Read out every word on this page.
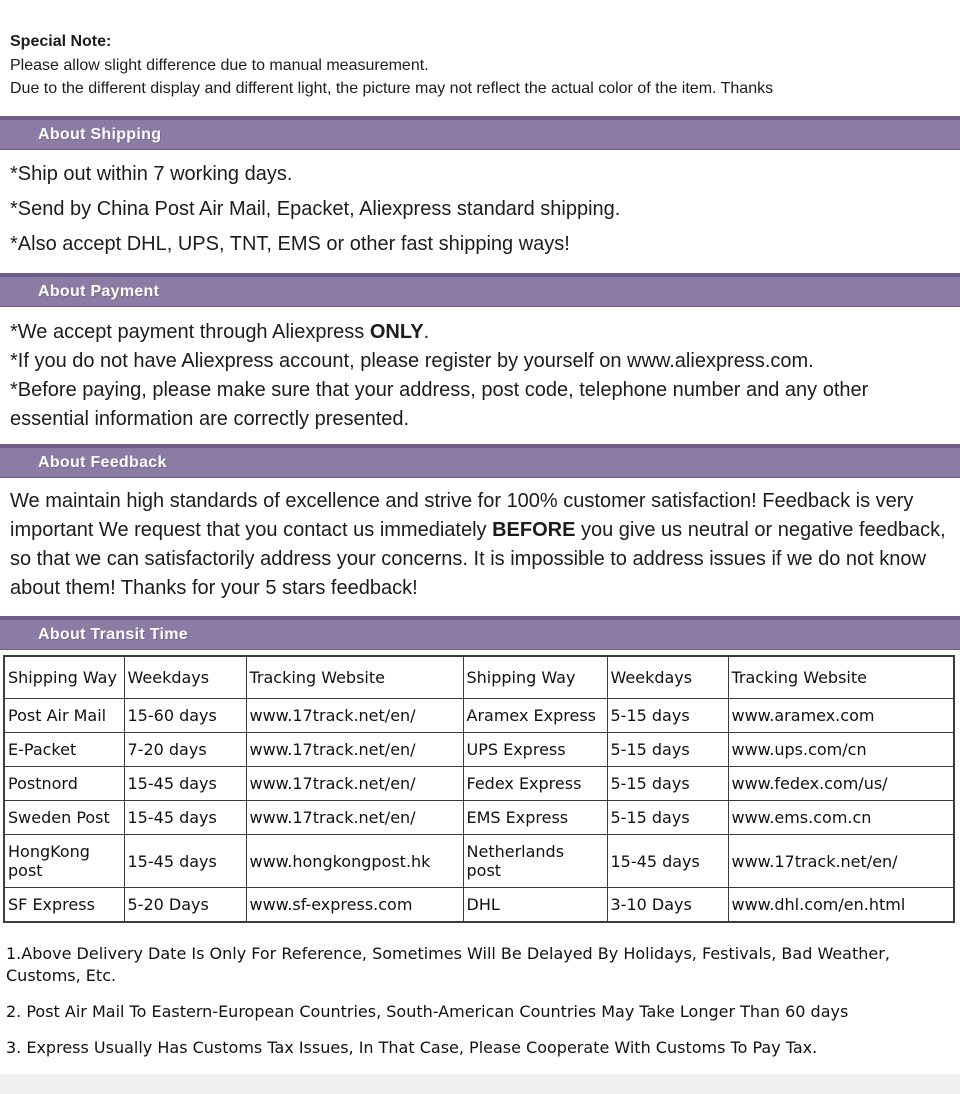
Special Note:

Please allow slight difference due to manual measurement.

Due to the different display and different light, the picture may not reflect the actual color of the item. Thanks

About Shipping

*Ship out within 7 working days.

*Send by China Post Air Mail, Epacket, Aliexpress standard shipping.

*Also accept DHL, UPS, TNT, EMS or other fast shipping ways!

About Payment

*We accept payment through Aliexpress ONLY.

*If you do not have Aliexpress account, please register by yourself on www.aliexpress.com.

*Before paying, please make sure that your address, post code, telephone number and any other essential information are correctly presented.

About Feedback

We maintain high standards of excellence and strive for 100% customer satisfaction! Feedback is very important We request that you contact us immediately BEFORE you give us neutral or negative feedback, so that we can satisfactorily address your concerns. It is impossible to address issues if we do not know about them! Thanks for your 5 stars feedback!

About Transit Time
Shipping Way	Weekdays	Tracking Website	Shipping Way	Weekdays	Tracking Website
Post Air Mail	15-60 days	www.17track.net/en/	Aramex Express	5-15 days	www.aramex.com
E-Packet	7-20 days	www.17track.net/en/	UPS Express	5-15 days	www.ups.com/cn
Postnord	15-45 days	www.17track.net/en/	Fedex Express	5-15 days	www.fedex.com/us/
Sweden Post	15-45 days	www.17track.net/en/	EMS Express	5-15 days	www.ems.com.cn
HongKong post	15-45 days	www.hongkongpost.hk	Netherlands post	15-45 days	www.17track.net/en/
SF Express	5-20 Days	www.sf-express.com	DHL	3-10 Days	www.dhl.com/en.html

1.Above Delivery Date Is Only For Reference, Sometimes Will Be Delayed By Holidays, Festivals, Bad Weather, Customs, Etc.

2. Post Air Mail To Eastern-European Countries, South-American Countries May Take Longer Than 60 days

3. Express Usually Has Customs Tax Issues, In That Case, Please Cooperate With Customs To Pay Tax.
